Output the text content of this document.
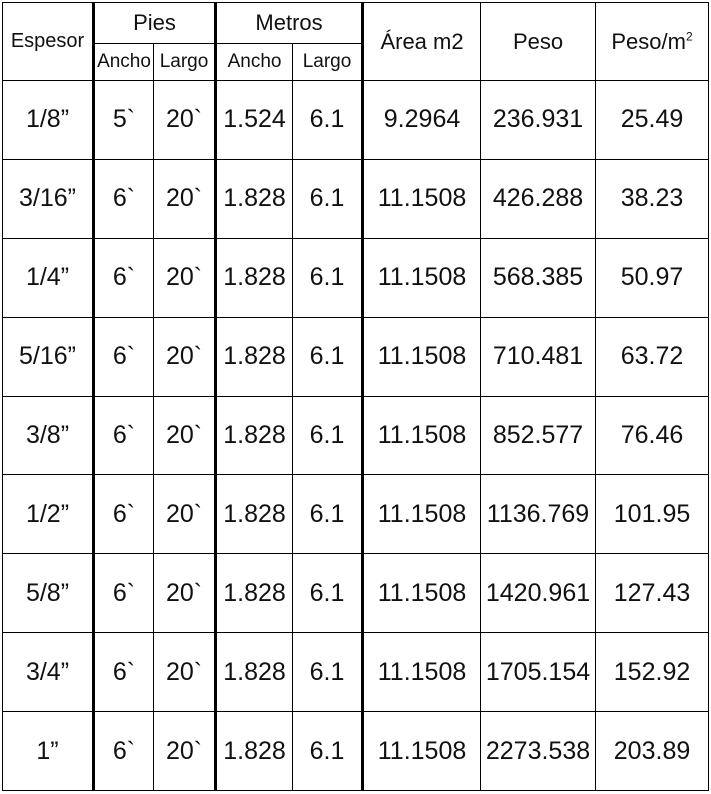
Espesor	Pies		Metros		Área m2	Peso	Peso/$m^2$
	Ancho	Largo	Ancho	Largo			
1/8”	5`	20`	1.524	6.1	9.2964	236.931	25.49
3/16”	6`	20`	1.828	6.1	11.1508	426.288	38.23
1/4”	6`	20`	1.828	6.1	11.1508	568.385	50.97
5/16”	6`	20`	1.828	6.1	11.1508	710.481	63.72
3/8”	6`	20`	1.828	6.1	11.1508	852.577	76.46
1/2”	6`	20`	1.828	6.1	11.1508	1136.769	101.95
5/8”	6`	20`	1.828	6.1	11.1508	1420.961	127.43
3/4”	6`	20`	1.828	6.1	11.1508	1705.154	152.92
1”	6`	20`	1.828	6.1	11.1508	2273.538	203.89
